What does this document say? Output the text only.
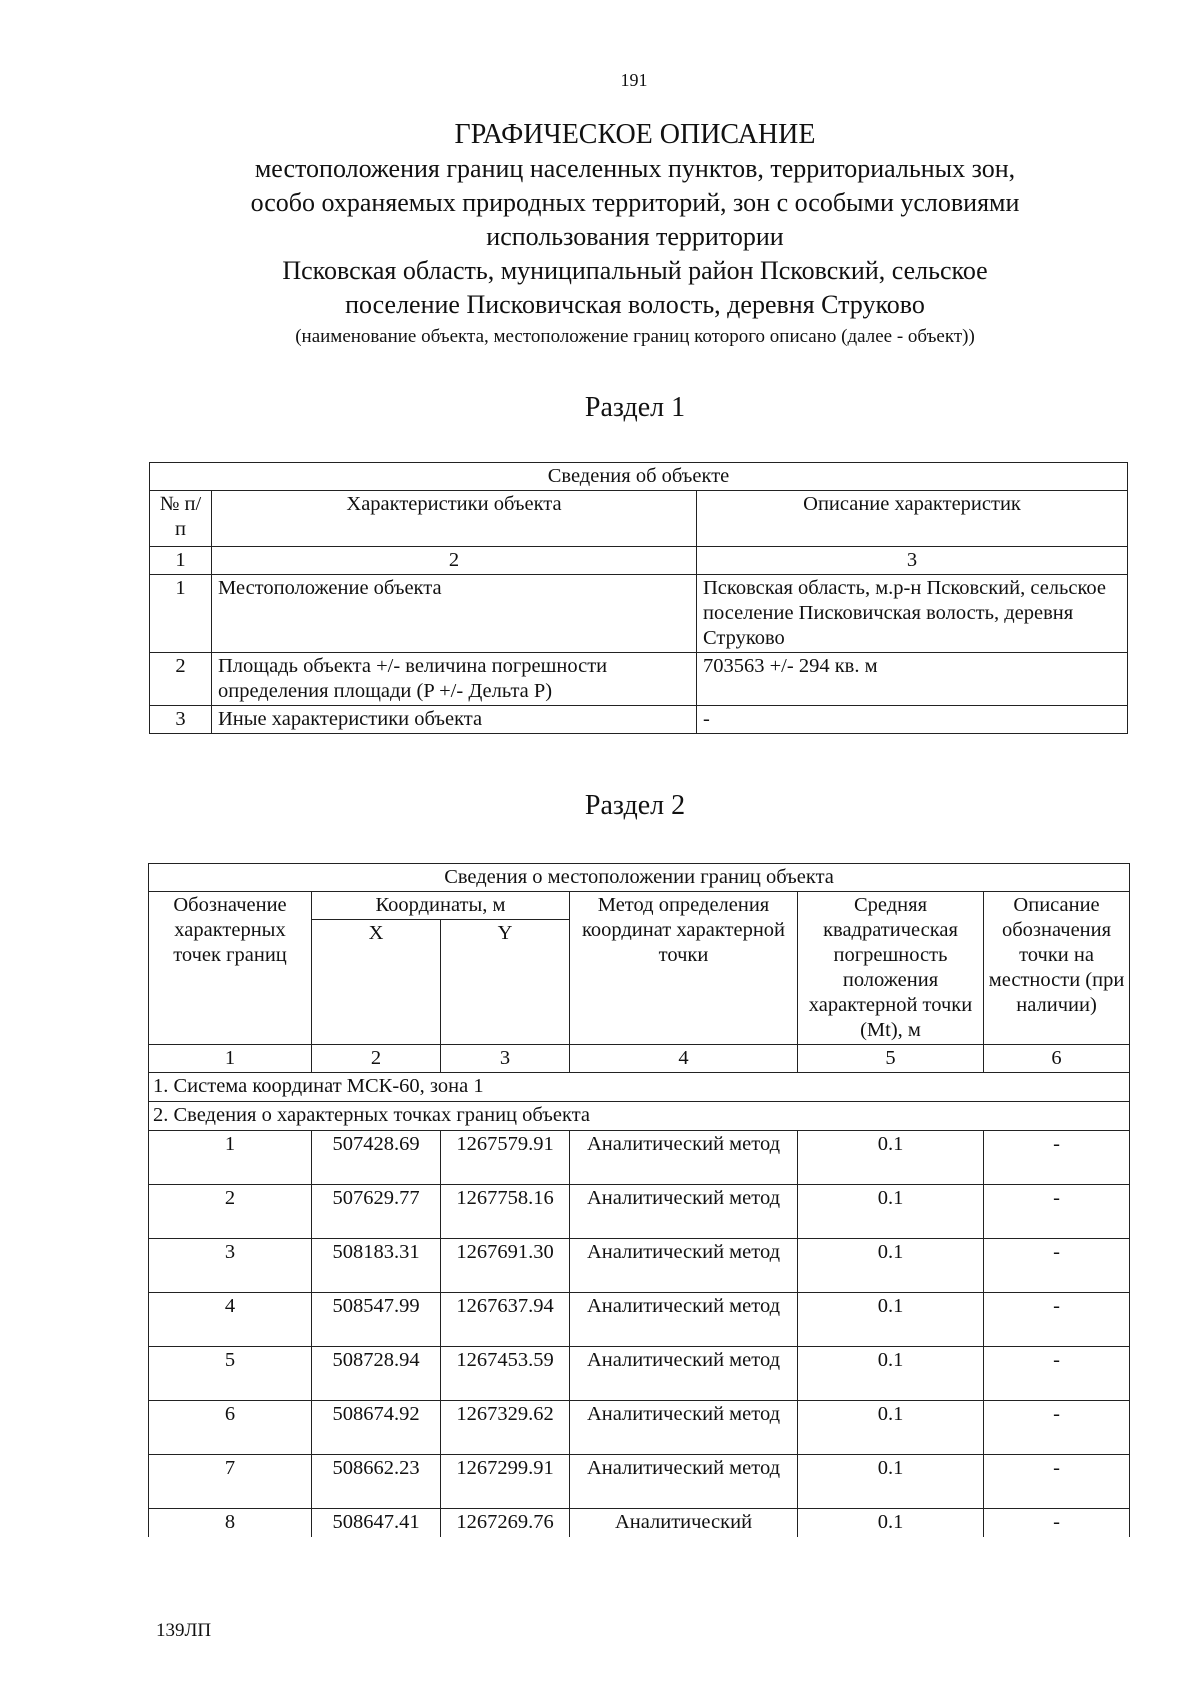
191
ГРАФИЧЕСКОЕ ОПИСАНИЕ
местоположения границ населенных пунктов, территориальных зон,
особо охраняемых природных территорий, зон с особыми условиями
использования территории
Псковская область, муниципальный район Псковский, сельское
поселение Писковичская волость, деревня Струково
(наименование объекта, местоположение границ которого описано (далее - объект))
Раздел 1
Сведения об объекте		
№ п/п	Характеристики объекта	Описание характеристик
1	2	3
1	Местоположение объекта	Псковская область, м.р-н Псковский, сельское поселение Писковичская волость, деревня Струково
2	Площадь объекта +/- величина погрешности определения площади (P +/- Дельта P)	703563 +/- 294 кв. м
3	Иные характеристики объекта	-
Раздел 2
Сведения о местоположении границ объекта					
Обозначение характерных точек границ	Координаты, м		Метод определения координат характерной точки	Средняя квадратическая погрешность положения характерной точки (Mt), м	Описание обозначения точки на местности (при наличии)
	X	Y			
1	2	3	4	5	6
1. Система координат МСК-60, зона 1					
2. Сведения о характерных точках границ объекта					
1	507428.69	1267579.91	Аналитический метод	0.1	-
2	507629.77	1267758.16	Аналитический метод	0.1	-
3	508183.31	1267691.30	Аналитический метод	0.1	-
4	508547.99	1267637.94	Аналитический метод	0.1	-
5	508728.94	1267453.59	Аналитический метод	0.1	-
6	508674.92	1267329.62	Аналитический метод	0.1	-
7	508662.23	1267299.91	Аналитический метод	0.1	-
8	508647.41	1267269.76	Аналитический	0.1	-
139ЛП
